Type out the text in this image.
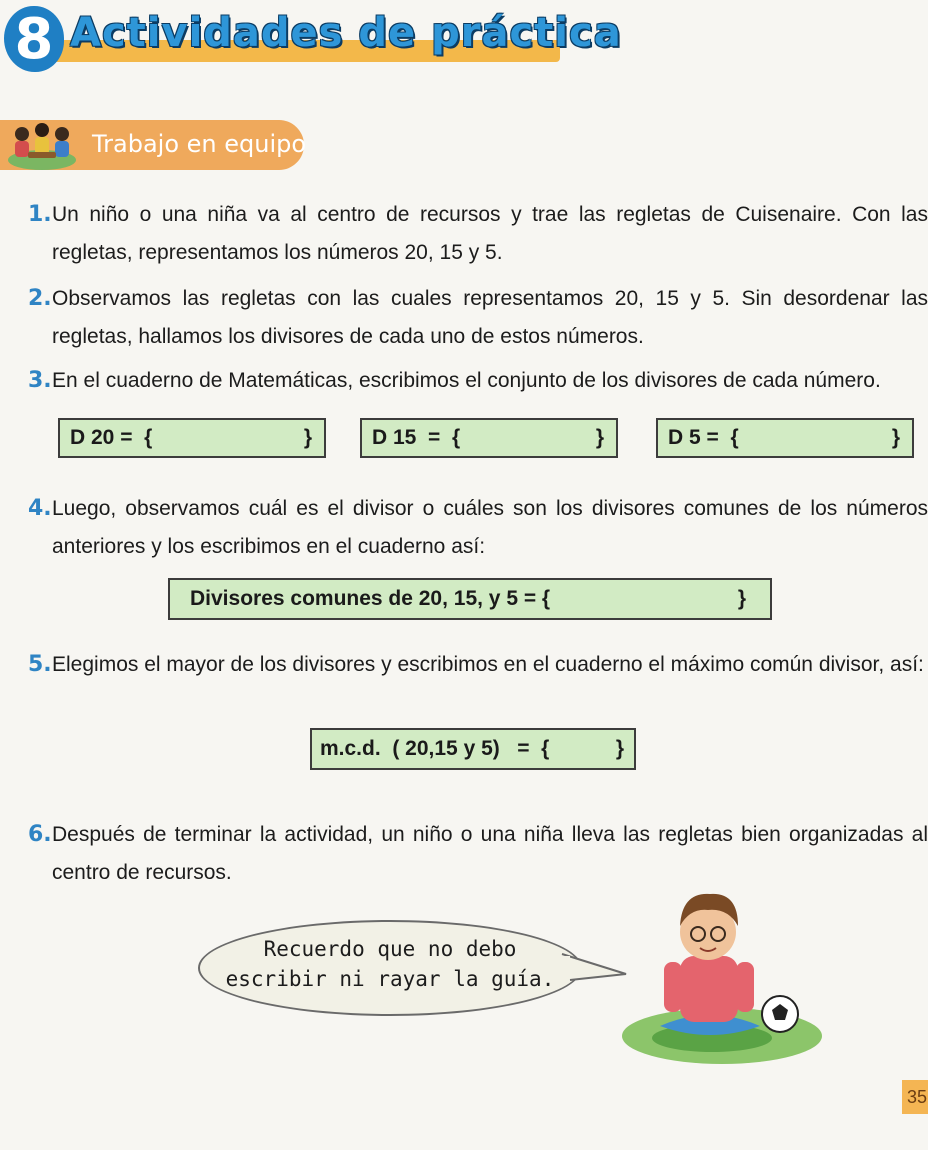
8 Actividades de práctica
Trabajo en equipo
1. Un niño o una niña va al centro de recursos y trae las regletas de Cuisenaire. Con las regletas, representamos los números 20, 15 y 5.
2. Observamos las regletas con las cuales representamos 20, 15 y 5. Sin desordenar las regletas, hallamos los divisores de cada uno de estos números.
3. En el cuaderno de Matemáticas, escribimos el conjunto de los divisores de cada número.
D 20 =  {	}	D 15  =  {	}	D 5 =  {	}
4. Luego, observamos cuál es el divisor o cuáles son los divisores comunes de los números anteriores y los escribimos en el cuaderno así:
Divisores comunes de 20, 15, y 5 = {	}
5. Elegimos el mayor de los divisores y escribimos en el cuaderno el máximo común divisor, así:
m.c.d.  ( 20,15 y 5)   =  {	}
6. Después de terminar la actividad, un niño o una niña lleva las regletas bien organizadas al centro de recursos.
Recuerdo que no debo
escribir ni rayar la guía.
35
